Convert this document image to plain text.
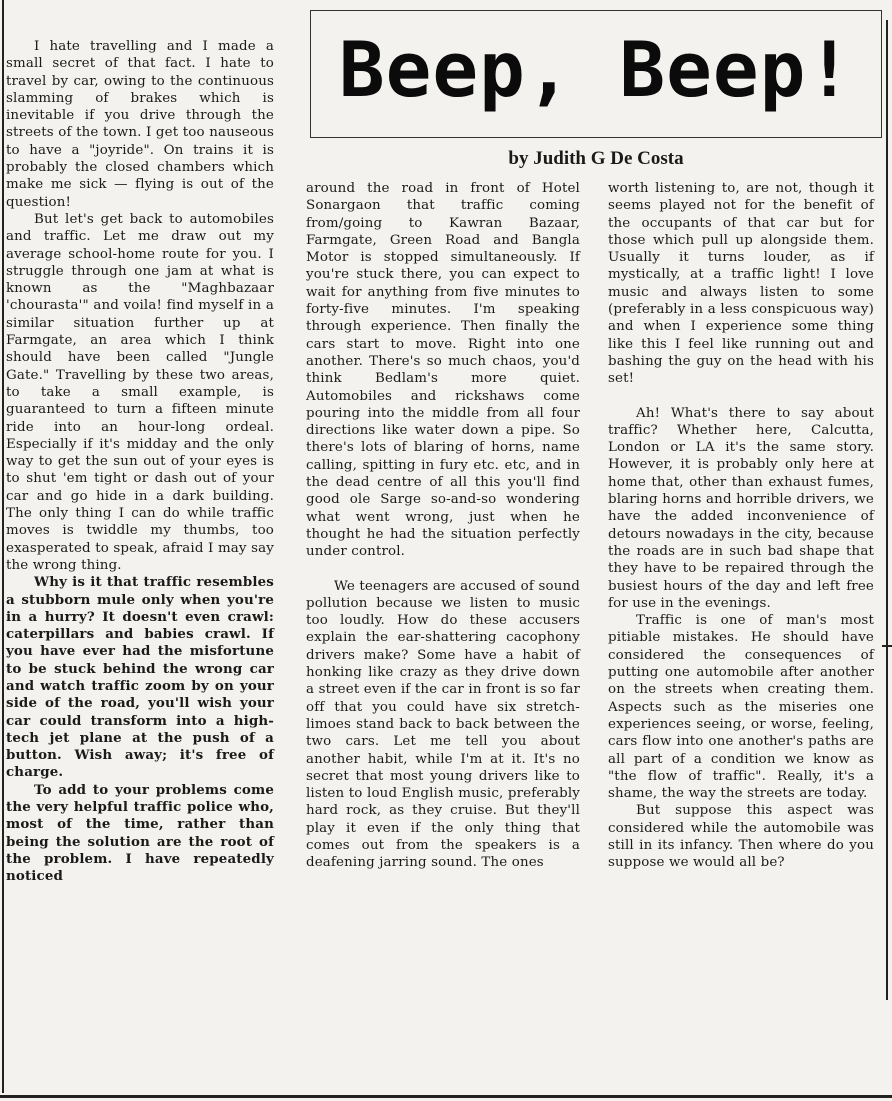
Beep, Beep!
by Judith G De Costa

I hate travelling and I made a small secret of that fact. I hate to travel by car, owing to the continuous slamming of brakes which is inevitable if you drive through the streets of the town. I get too nauseous to have a "joyride". On trains it is probably the closed chambers which make me sick — flying is out of the question!

But let's get back to automobiles and traffic. Let me draw out my average school-home route for you. I struggle through one jam at what is known as the "Maghbazaar 'chourasta'" and voila! find myself in a similar situation further up at Farmgate, an area which I think should have been called "Jungle Gate." Travelling by these two areas, to take a small example, is guaranteed to turn a fifteen minute ride into an hour-long ordeal. Especially if it's midday and the only way to get the sun out of your eyes is to shut 'em tight or dash out of your car and go hide in a dark building. The only thing I can do while traffic moves is twiddle my thumbs, too exasperated to speak, afraid I may say the wrong thing.

Why is it that traffic resembles a stubborn mule only when you're in a hurry? It doesn't even crawl: caterpillars and babies crawl. If you have ever had the misfortune to be stuck behind the wrong car and watch traffic zoom by on your side of the road, you'll wish your car could transform into a high-tech jet plane at the push of a button. Wish away; it's free of charge.

To add to your problems come the very helpful traffic police who, most of the time, rather than being the solution are the root of the problem. I have repeatedly noticed

around the road in front of Hotel Sonargaon that traffic coming from/going to Kawran Bazaar, Farmgate, Green Road and Bangla Motor is stopped simultaneously. If you're stuck there, you can expect to wait for anything from five minutes to forty-five minutes. I'm speaking through experience. Then finally the cars start to move. Right into one another. There's so much chaos, you'd think Bedlam's more quiet. Automobiles and rickshaws come pouring into the middle from all four directions like water down a pipe. So there's lots of blaring of horns, name calling, spitting in fury etc. etc, and in the dead centre of all this you'll find good ole Sarge so-and-so wondering what went wrong, just when he thought he had the situation perfectly under control.

We teenagers are accused of sound pollution because we listen to music too loudly. How do these accusers explain the ear-shattering cacophony drivers make? Some have a habit of honking like crazy as they drive down a street even if the car in front is so far off that you could have six stretch-limoes stand back to back between the two cars. Let me tell you about another habit, while I'm at it. It's no secret that most young drivers like to listen to loud English music, preferably hard rock, as they cruise. But they'll play it even if the only thing that comes out from the speakers is a deafening jarring sound. The ones

worth listening to, are not, though it seems played not for the benefit of the occupants of that car but for those which pull up alongside them. Usually it turns louder, as if mystically, at a traffic light! I love music and always listen to some (preferably in a less conspicuous way) and when I experience some thing like this I feel like running out and bashing the guy on the head with his set!

Ah! What's there to say about traffic? Whether here, Calcutta, London or LA it's the same story. However, it is probably only here at home that, other than exhaust fumes, blaring horns and horrible drivers, we have the added inconvenience of detours nowadays in the city, because the roads are in such bad shape that they have to be repaired through the busiest hours of the day and left free for use in the evenings.

Traffic is one of man's most pitiable mistakes. He should have considered the consequences of putting one automobile after another on the streets when creating them. Aspects such as the miseries one experiences seeing, or worse, feeling, cars flow into one another's paths are all part of a condition we know as "the flow of traffic". Really, it's a shame, the way the streets are today.

But suppose this aspect was considered while the automobile was still in its infancy. Then where do you suppose we would all be?
